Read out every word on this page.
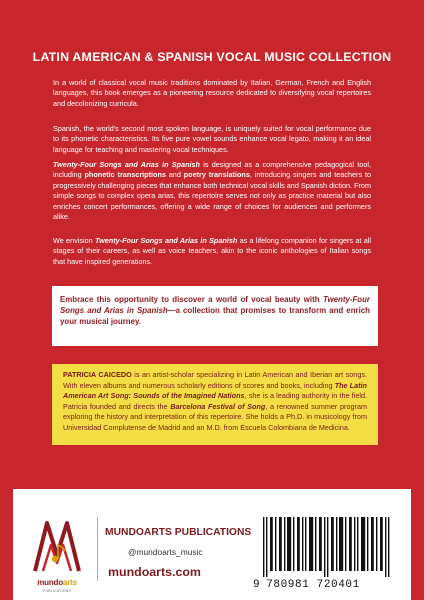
LATIN AMERICAN & SPANISH VOCAL MUSIC COLLECTION

In a world of classical vocal music traditions dominated by Italian, German, French and English languages, this book emerges as a pioneering resource dedicated to diversifying vocal repertoires and decolonizing curricula.

Spanish, the world's second most spoken language, is uniquely suited for vocal performance due to its phonetic characteristics. Its five pure vowel sounds enhance vocal legato, making it an ideal language for teaching and mastering vocal techniques.

Twenty-Four Songs and Arias in Spanish is designed as a comprehensive pedagogical tool, including phonetic transcriptions and poetry translations, introducing singers and teachers to progressively challenging pieces that enhance both technical vocal skills and Spanish diction. From simple songs to complex opera arias, this repertoire serves not only as practice material but also enriches concert performances, offering a wide range of choices for audiences and performers alike.

We envision Twenty-Four Songs and Arias in Spanish as a lifelong companion for singers at all stages of their careers, as well as voice teachers, akin to the iconic anthologies of Italian songs that have inspired generations.

Embrace this opportunity to discover a world of vocal beauty with Twenty-Four Songs and Arias in Spanish—a collection that promises to transform and enrich your musical journey.
PATRICIA CAICEDO is an artist-scholar specializing in Latin American and Iberian art songs. With eleven albums and numerous scholarly editions of scores and books, including The Latin American Art Song: Sounds of the Imagined Nations, she is a leading authority in the field. Patricia founded and directs the Barcelona Festival of Song, a renowned summer program exploring the history and interpretation of this repertoire. She holds a Ph.D. in musicology from Universidad Complutense de Madrid and an M.D. from Escuela Colombiana de Medicina.
mundoarts
PUBLICATIONS
MUNDOARTS PUBLICATIONS
@mundoarts_music
mundoarts.com
9 780981 720401
